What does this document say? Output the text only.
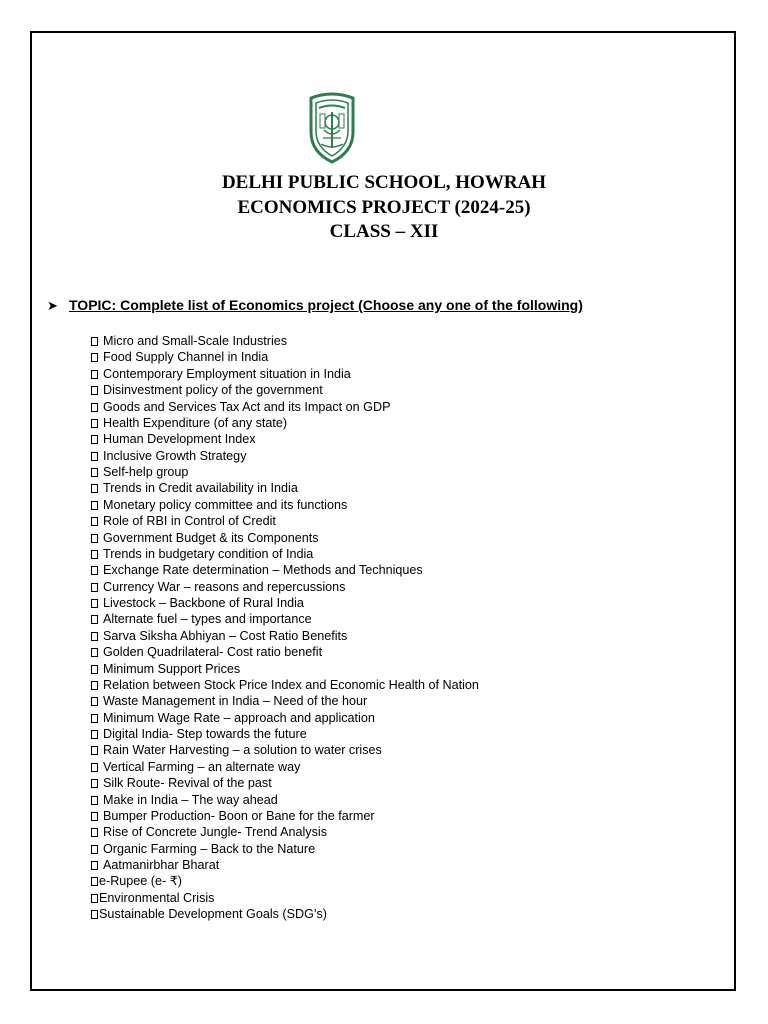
DELHI PUBLIC SCHOOL, HOWRAH
ECONOMICS PROJECT (2024-25)
CLASS – XII
➤ TOPIC: Complete list of Economics project (Choose any one of the following)
Micro and Small-Scale Industries
Food Supply Channel in India
Contemporary Employment situation in India
Disinvestment policy of the government
Goods and Services Tax Act and its Impact on GDP
Health Expenditure (of any state)
Human Development Index
Inclusive Growth Strategy
Self-help group
Trends in Credit availability in India
Monetary policy committee and its functions
Role of RBI in Control of Credit
Government Budget & its Components
Trends in budgetary condition of India
Exchange Rate determination – Methods and Techniques
Currency War – reasons and repercussions
Livestock – Backbone of Rural India
Alternate fuel – types and importance
Sarva Siksha Abhiyan – Cost Ratio Benefits
Golden Quadrilateral- Cost ratio benefit
Minimum Support Prices
Relation between Stock Price Index and Economic Health of Nation
Waste Management in India – Need of the hour
Minimum Wage Rate – approach and application
Digital India- Step towards the future
Rain Water Harvesting – a solution to water crises
Vertical Farming – an alternate way
Silk Route- Revival of the past
Make in India – The way ahead
Bumper Production- Boon or Bane for the farmer
Rise of Concrete Jungle- Trend Analysis
Organic Farming – Back to the Nature
Aatmanirbhar Bharat
e-Rupee (e- ₹)
Environmental Crisis
Sustainable Development Goals (SDG’s)
